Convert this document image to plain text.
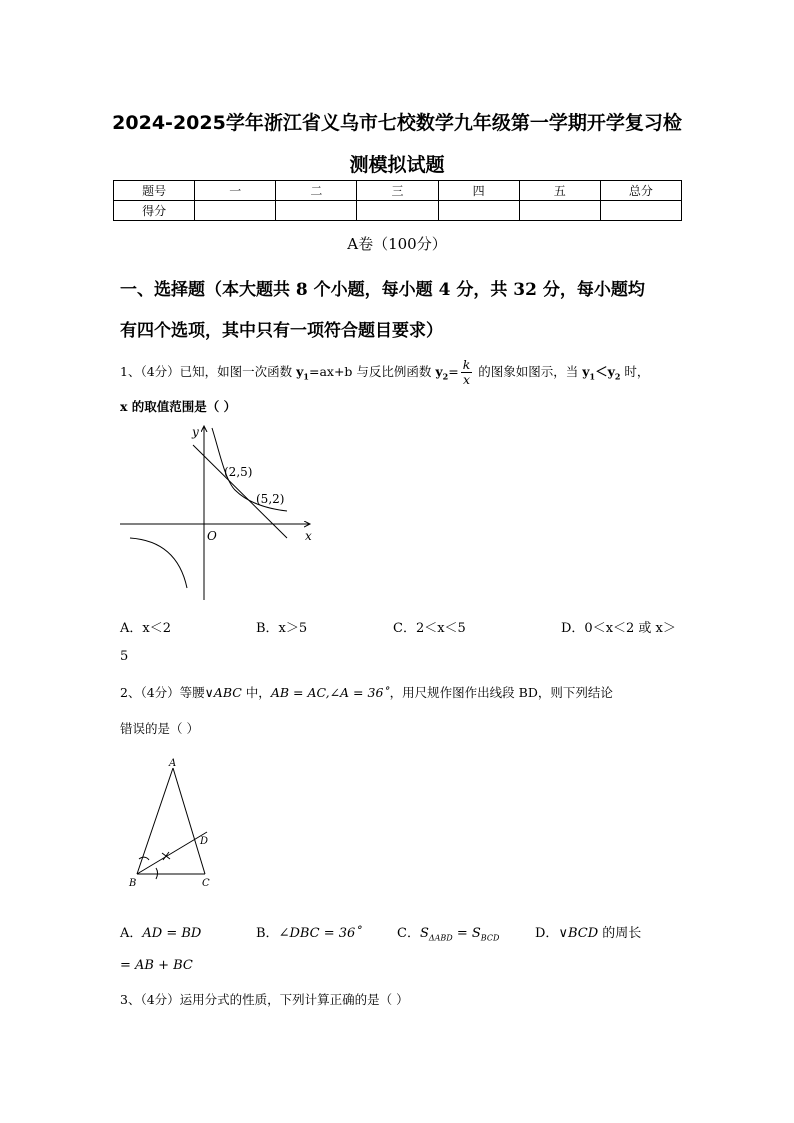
2024-2025学年浙江省义乌市七校数学九年级第一学期开学复习检
测模拟试题
题号	一	二	三	四	五	总分
得分						
A卷（100分）
一、选择题（本大题共 8 个小题，每小题 4 分，共 32 分，每小题均
有四个选项，其中只有一项符合题目要求）
1、（4分）已知，如图一次函数 $y_1=ax+b$ 与反比例函数 $y_2= \frac{k}{x}$ 的图象如图示，当 $y_1<y_2$ 时，
x 的取值范围是（ ）
y
x
O
(2,5)
(5,2)
A．x＜2	B．x＞5	C．2＜x＜5	D．0＜x＜2 或 x＞
5
2、（4分）等腰∨ABC 中，AB = AC,∠A = 36˚，用尺规作图作出线段 BD，则下列结论
错误的是（ ）
A
B	C
D
A．AD = BD	B．∠DBC = 36˚	C．$S_{\Delta ABD} = S_{BCD}$	D．∨BCD 的周长
= AB + BC
3、（4分）运用分式的性质，下列计算正确的是（ ）
